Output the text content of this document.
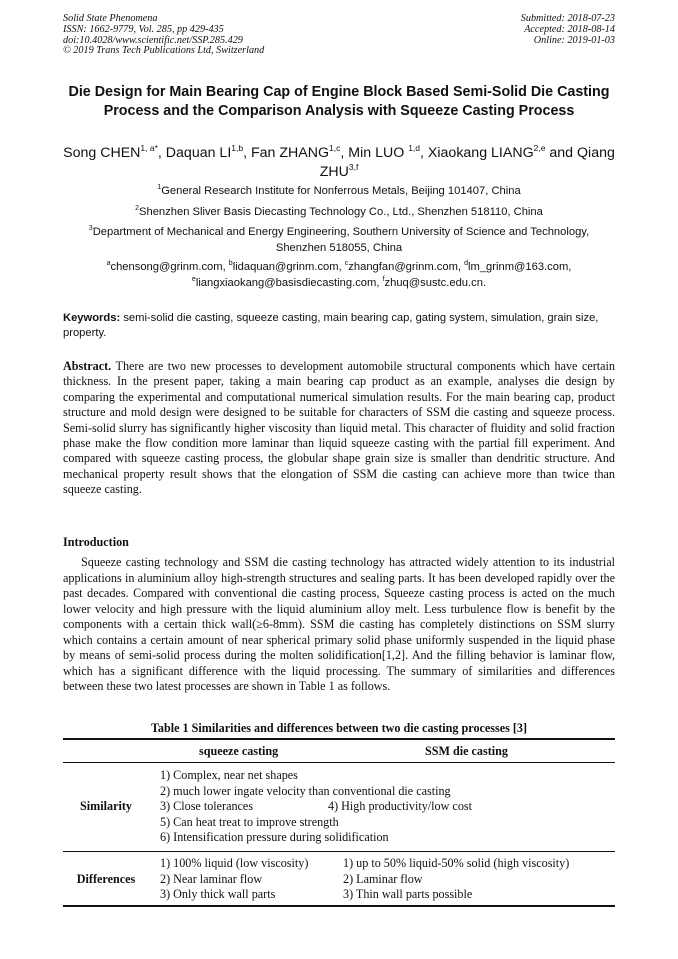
Solid State Phenomena
ISSN: 1662-9779, Vol. 285, pp 429-435
doi:10.4028/www.scientific.net/SSP.285.429
© 2019 Trans Tech Publications Ltd, Switzerland
Submitted: 2018-07-23
Accepted: 2018-08-14
Online: 2019-01-03
Die Design for Main Bearing Cap of Engine Block Based Semi-Solid Die Casting Process and the Comparison Analysis with Squeeze Casting Process
Song $CHEN^{1, a*}$, Daquan LI$^{1,b}$, Fan ZHANG$^{1,c}$, Min LUO $^{1,d}$, Xiaokang LIANG$^{2,e}$ and Qiang ZHU$^{3,f}$
$^1$General Research Institute for Nonferrous Metals, Beijing 101407, China
$^2$Shenzhen Sliver Basis Diecasting Technology Co., Ltd., Shenzhen 518110, China
$^3$Department of Mechanical and Energy Engineering, Southern University of Science and Technology, Shenzhen 518055, China
$^a$chensong@grinm.com, $^b$lidaquan@grinm.com, $^c$zhangfan@grinm.com, $^d$lm_grinm@163.com,
$^e$liangxiaokang@basisdiecasting.com, $^f$zhuq@sustc.edu.cn.
Keywords: semi-solid die casting, squeeze casting, main bearing cap, gating system, simulation, grain size, property.
Abstract. There are two new processes to development automobile structural components which have certain thickness. In the present paper, taking a main bearing cap product as an example, analyses die design by comparing the experimental and computational numerical simulation results. For the main bearing cap, product structure and mold design were designed to be suitable for characters of SSM die casting and squeeze process. Semi-solid slurry has significantly higher viscosity than liquid metal. This character of fluidity and solid fraction phase make the flow condition more laminar than liquid squeeze casting with the partial fill experiment. And compared with squeeze casting process, the globular shape grain size is smaller than dendritic structure. And mechanical property result shows that the elongation of SSM die casting can achieve more than twice than squeeze casting.
Introduction
Squeeze casting technology and SSM die casting technology has attracted widely attention to its industrial applications in aluminium alloy high-strength structures and sealing parts. It has been developed rapidly over the past decades. Compared with conventional die casting process, Squeeze casting process is acted on the much lower velocity and high pressure with the liquid aluminium alloy melt. Less turbulence flow is benefit by the components with a certain thick wall(≥6-8mm). SSM die casting has completely distinctions on SSM slurry which contains a certain amount of near spherical primary solid phase uniformly suspended in the liquid phase by means of semi-solid process during the molten solidification[1,2]. And the filling behavior is laminar flow, which has a significant difference with the liquid processing. The summary of similarities and differences between these two latest processes are shown in Table 1 as follows.
Table 1 Similarities and differences between two die casting processes [3]
squeeze casting	SSM die casting
Similarity
1) Complex, near net shapes
2) much lower ingate velocity than conventional die casting
3) Close tolerances	4) High productivity/low cost
5) Can heat treat to improve strength
6) Intensification pressure during solidification
Differences
1) 100% liquid (low viscosity)
2) Near laminar flow
3) Only thick wall parts
1) up to 50% liquid-50% solid (high viscosity)
2) Laminar flow
3) Thin wall parts possible
